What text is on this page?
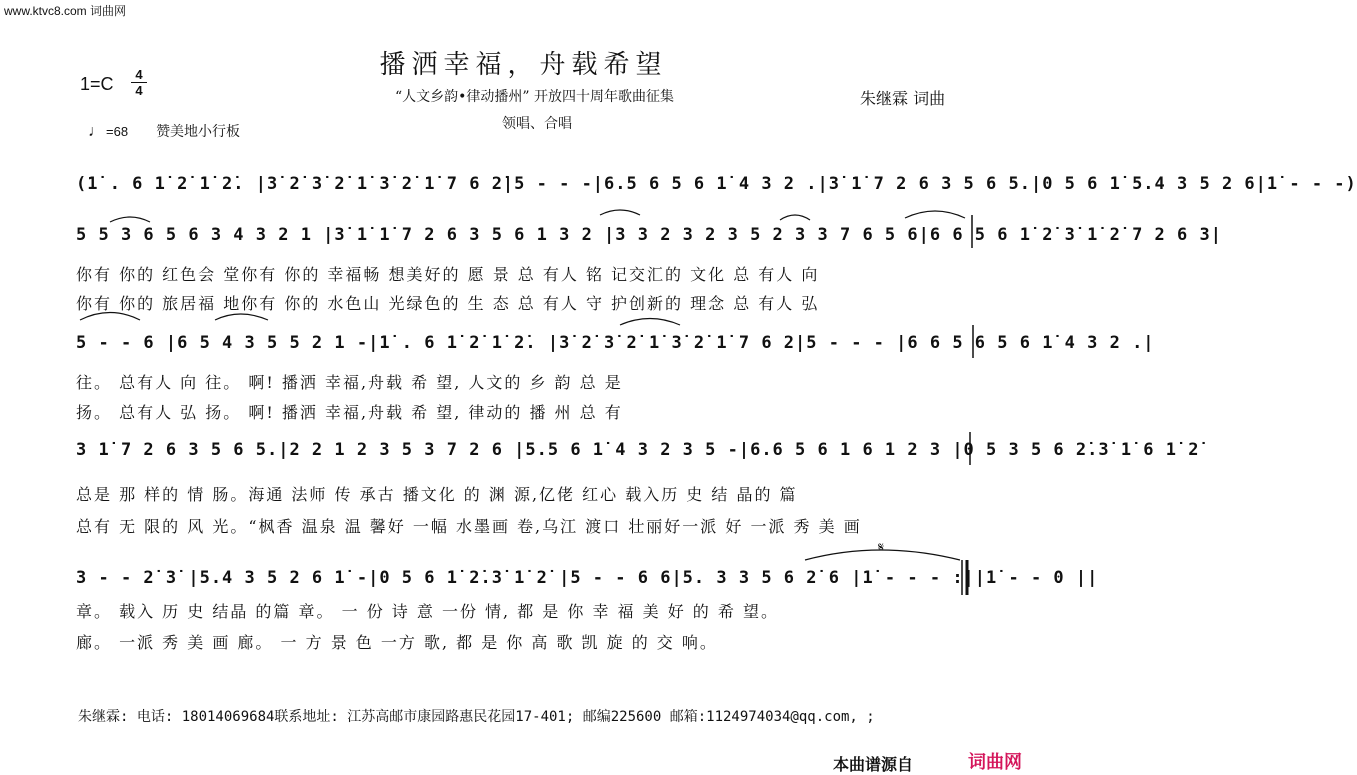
www.ktvc8.com 词曲网
播洒幸福，舟载希望
1=C	4
4	“人文乡韵•律动播州” 开放四十周年歌曲征集
领唱、合唱
朱继霖 词曲
♩ =68 赞美地小行板
(1̇ . 6 1̇ 2̇ 1̇ 2̇. |3̇ 2̇ 3̇ 2̇ 1̇ 3̇ 2̇ 1̇ 7 6 2̇|5 - - -|6.5 6 5 6 1̇ 4 3 2 .|3̇ 1̇ 7 2 6 3 5 6 5.|0 5 6 1̇ 5.4 3 5 2 6|1̇ - - -)
5 5 3 6 5 6 3 4 3 2 1 |3̇ 1̇ 1̇ 7 2 6 3 5 6 1 3 2 |3 3 2 3 2 3 5 2 3 3 7 6 5 6|6 6 5 6 1̇ 2̇ 3̇ 1̇ 2̇ 7 2 6 3|
5 - - 6 |6 5 4 3 5 5 2 1 -|1̇ . 6 1̇ 2̇ 1̇ 2̇. |3̇ 2̇ 3̇ 2̇ 1̇ 3̇ 2̇ 1̇ 7 6 2|5 - - - |6 6 5 6 5 6 1̇ 4 3 2 .|
3 1̇ 7 2 6 3 5 6 5.|2 2 1 2 3 5 3 7 2 6 |5.5 6 1̇ 4 3 2 3 5 -|6.6 5 6 1 6 1 2 3 |0 5 3 5 6 2̇.3̇ 1̇ 6 1̇ 2̇
3 - - 2̇ 3̇ |5.4 3 5 2 6 1̇ -|0 5 6 1̇ 2̇.3̇ 1̇ 2̇ |5 - - 6 6|5. 3 3 5 6 2̇ 6 |1̇ - - - :||1̇ - - 0 ||
你有 你的 红色会 堂你有 你的 幸福畅 想美好的 愿 景 总 有人 铭 记交汇的 文化 总 有人 向
你有 你的 旅居福 地你有 你的 水色山 光绿色的 生 态 总 有人 守 护创新的 理念 总 有人 弘
往。 总有人 向 往。 啊! 播洒 幸福,舟载 希 望, 人文的 乡 韵 总 是
扬。 总有人 弘 扬。 啊! 播洒 幸福,舟载 希 望, 律动的 播 州 总 有
总是 那 样的 情 肠。海通 法师 传 承古 播文化 的 渊 源,亿佬 红心 载入历 史 结 晶的 篇
总有 无 限的 风 光。“枫香 温泉 温 馨好 一幅 水墨画 卷,乌江 渡口 壮丽好一派 好 一派 秀 美 画
章。 载入 历 史 结晶 的篇 章。 一 份 诗 意 一份 情, 都 是 你 幸 福 美 好 的 希 望。
廊。 一派 秀 美 画 廊。 一 方 景 色 一方 歌, 都 是 你 高 歌 凯 旋 的 交 响。
𝄋
朱继霖: 电话: 18014069684联系地址: 江苏高邮市康园路惠民花园17-401; 邮编225600 邮箱:1124974034@qq.com, ;
本曲谱源自	词曲网
